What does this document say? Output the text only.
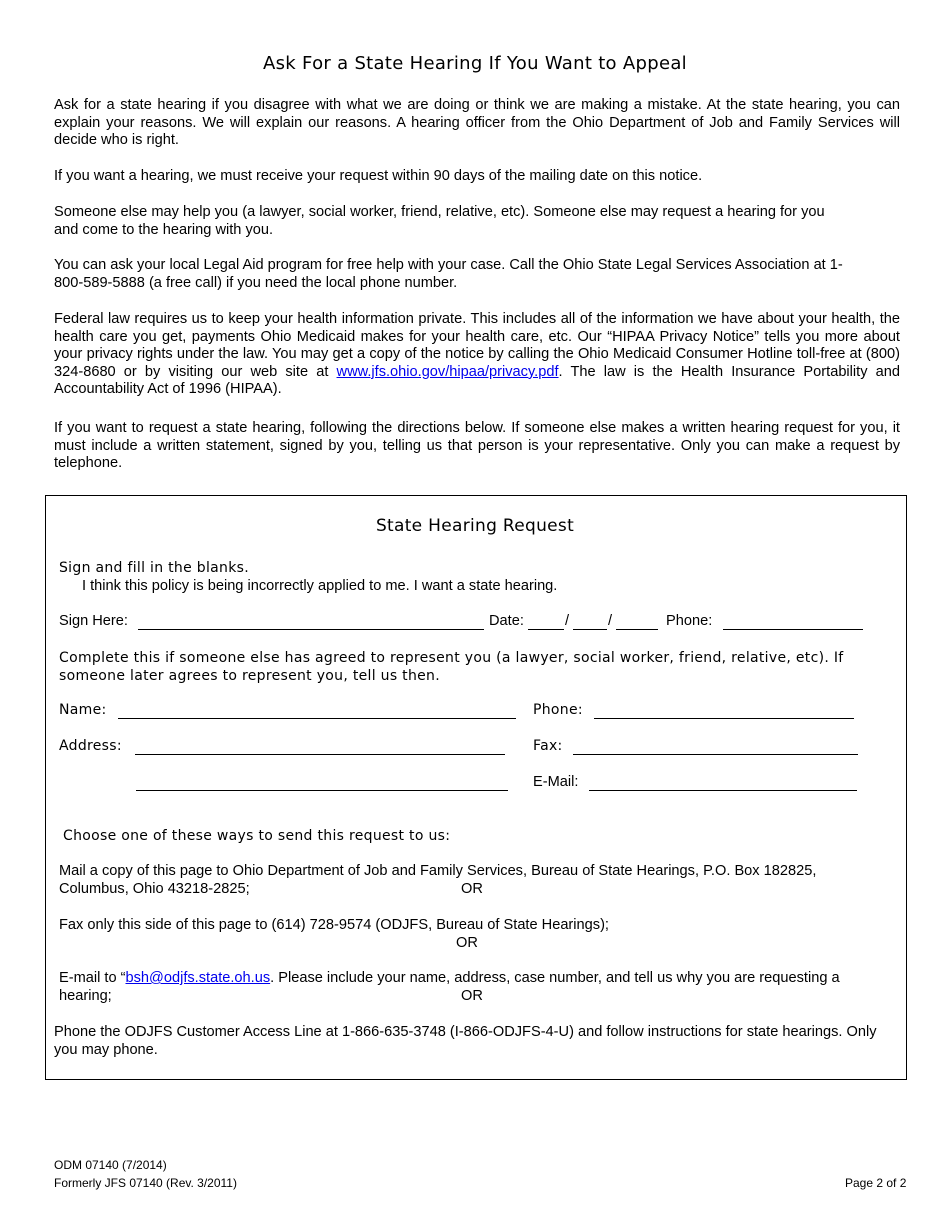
Ask For a State Hearing If You Want to Appeal
Ask for a state hearing if you disagree with what we are doing or think we are making a mistake. At the state hearing, you can explain your reasons. We will explain our reasons. A hearing officer from the Ohio Department of Job and Family Services will decide who is right.
If you want a hearing, we must receive your request within 90 days of the mailing date on this notice.
Someone else may help you (a lawyer, social worker, friend, relative, etc). Someone else may request a hearing for you and come to the hearing with you.
You can ask your local Legal Aid program for free help with your case. Call the Ohio State Legal Services Association at 1-800-589-5888 (a free call) if you need the local phone number.
Federal law requires us to keep your health information private. This includes all of the information we have about your health, the health care you get, payments Ohio Medicaid makes for your health care, etc. Our “HIPAA Privacy Notice” tells you more about your privacy rights under the law. You may get a copy of the notice by calling the Ohio Medicaid Consumer Hotline toll-free at (800) 324-8680 or by visiting our web site at www.jfs.ohio.gov/hipaa/privacy.pdf. The law is the Health Insurance Portability and Accountability Act of 1996 (HIPAA).
If you want to request a state hearing, following the directions below. If someone else makes a written hearing request for you, it must include a written statement, signed by you, telling us that person is your representative. Only you can make a request by telephone.
State Hearing Request
Sign and fill in the blanks.
I think this policy is being incorrectly applied to me. I want a state hearing.
Sign Here:	Date:	/	/	Phone:
Complete this if someone else has agreed to represent you (a lawyer, social worker, friend, relative, etc). If someone later agrees to represent you, tell us then.
Name:	Phone:
Address:	Fax:
E-Mail:
Choose one of these ways to send this request to us:
Mail a copy of this page to Ohio Department of Job and Family Services, Bureau of State Hearings, P.O. Box 182825, Columbus, Ohio 43218-2825;	OR
Fax only this side of this page to (614) 728-9574 (ODJFS, Bureau of State Hearings);
OR
E-mail to “bsh@odjfs.state.oh.us. Please include your name, address, case number, and tell us why you are requesting a hearing;	OR
Phone the ODJFS Customer Access Line at 1-866-635-3748 (I-866-ODJFS-4-U) and follow instructions for state hearings. Only you may phone.
ODM 07140 (7/2014)
Formerly JFS 07140 (Rev. 3/2011)	Page 2 of 2
